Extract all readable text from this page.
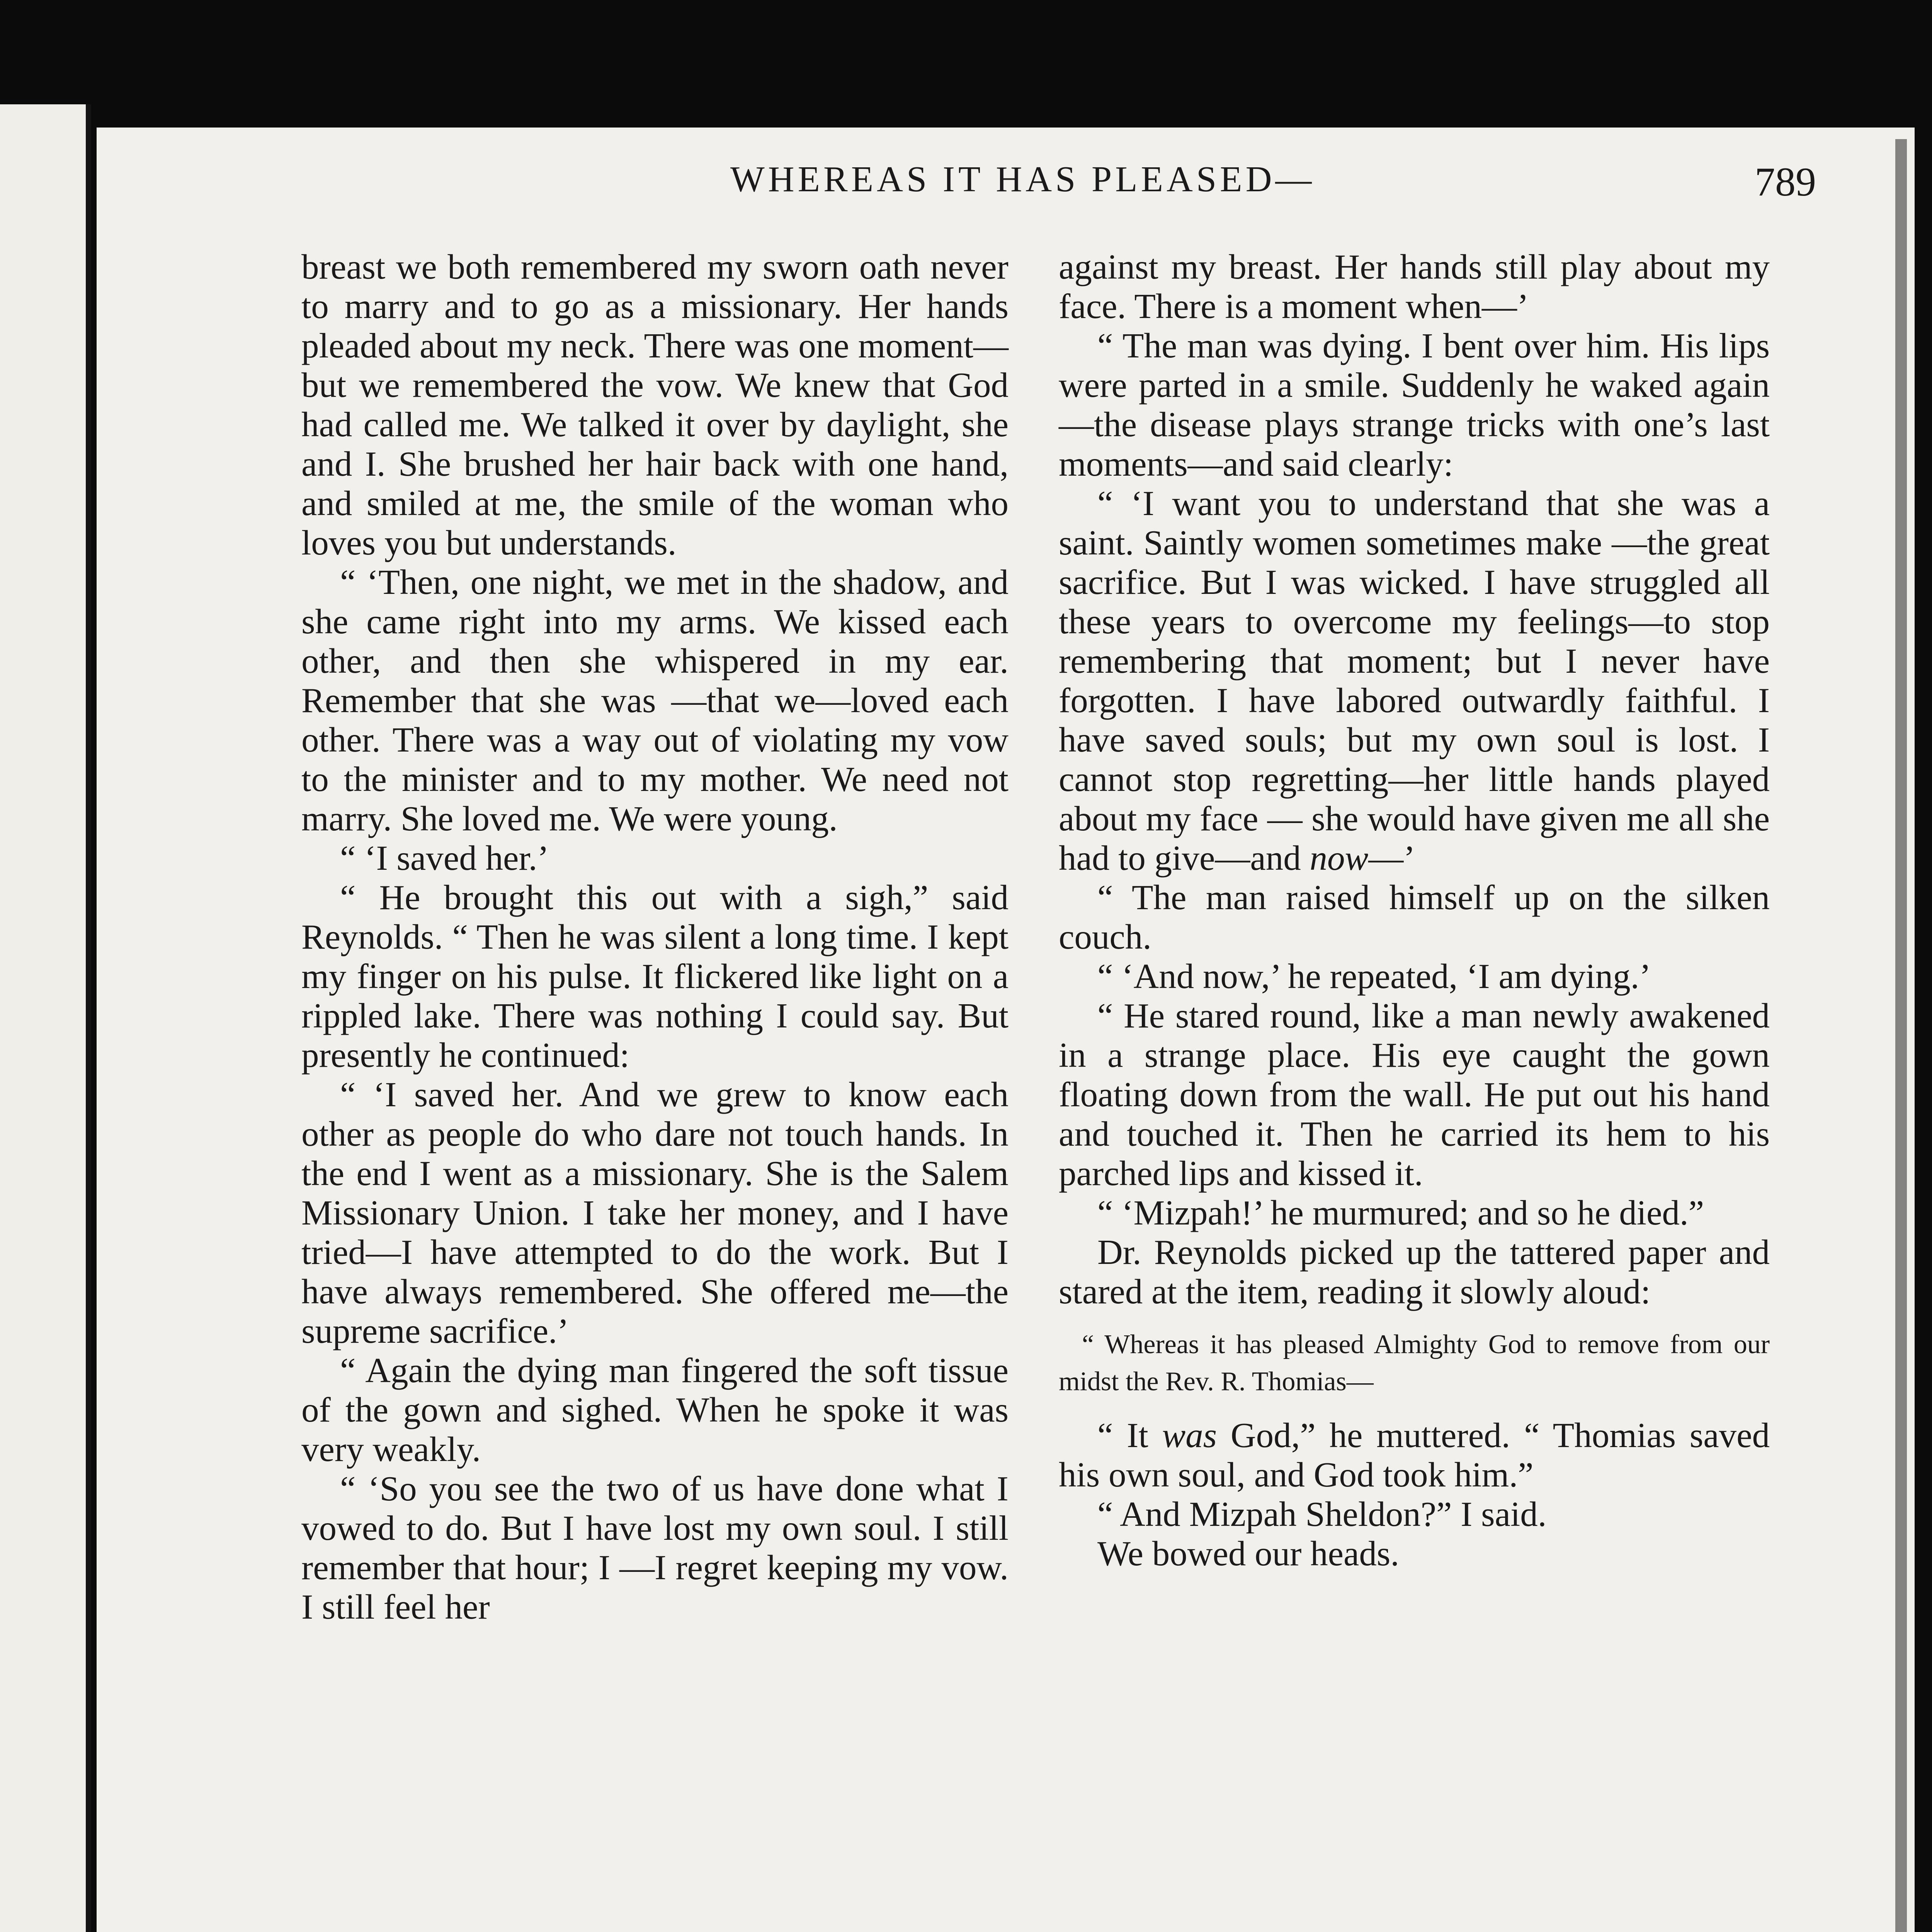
WHEREAS IT HAS PLEASED—	789

breast we both remembered my sworn oath never to marry and to go as a missionary. Her hands pleaded about my neck. There was one moment—but we remembered the vow. We knew that God had called me. We talked it over by daylight, she and I. She brushed her hair back with one hand, and smiled at me, the smile of the woman who loves you but understands.

“ ‘Then, one night, we met in the shadow, and she came right into my arms. We kissed each other, and then she whispered in my ear. Remember that she was —that we—loved each other. There was a way out of violating my vow to the minister and to my mother. We need not marry. She loved me. We were young.

“ ‘I saved her.’

“ He brought this out with a sigh,” said Reynolds. “ Then he was silent a long time. I kept my finger on his pulse. It flickered like light on a rippled lake. There was nothing I could say. But presently he continued:

“ ‘I saved her. And we grew to know each other as people do who dare not touch hands. In the end I went as a missionary. She is the Salem Missionary Union. I take her money, and I have tried—I have attempted to do the work. But I have always remembered. She offered me—the supreme sacrifice.’

“ Again the dying man fingered the soft tissue of the gown and sighed. When he spoke it was very weakly.

“ ‘So you see the two of us have done what I vowed to do. But I have lost my own soul. I still remember that hour; I —I regret keeping my vow. I still feel her

against my breast. Her hands still play about my face. There is a moment when—’

“ The man was dying. I bent over him. His lips were parted in a smile. Suddenly he waked again—the disease plays strange tricks with one’s last moments—and said clearly:

“ ‘I want you to understand that she was a saint. Saintly women sometimes make —the great sacrifice. But I was wicked. I have struggled all these years to overcome my feelings—to stop remembering that moment; but I never have forgotten. I have labored outwardly faithful. I have saved souls; but my own soul is lost. I cannot stop regretting—her little hands played about my face — she would have given me all she had to give—and now—’

“ The man raised himself up on the silken couch.

“ ‘And now,’ he repeated, ‘I am dying.’

“ He stared round, like a man newly awakened in a strange place. His eye caught the gown floating down from the wall. He put out his hand and touched it. Then he carried its hem to his parched lips and kissed it.

“ ‘Mizpah!’ he murmured; and so he died.”

Dr. Reynolds picked up the tattered paper and stared at the item, reading it slowly aloud:

“ Whereas it has pleased Almighty God to remove from our midst the Rev. R. Thomias—

“ It was God,” he muttered. “ Thomias saved his own soul, and God took him.”

“ And Mizpah Sheldon?” I said.

We bowed our heads.
